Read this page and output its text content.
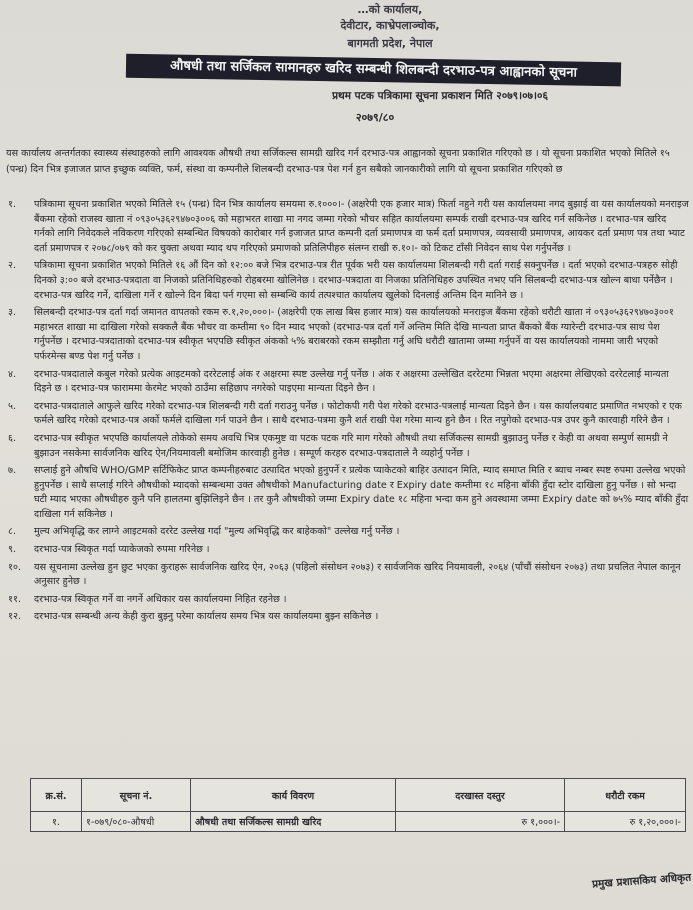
…को कार्यालय,
देवीटार, काभ्रेपलाञ्चोक,
बागमती प्रदेश, नेपाल
औषधी तथा सर्जिकल सामानहरु खरिद सम्बन्धी शिलबन्दी दरभाउ-पत्र आह्वानको सूचना
प्रथम पटक पत्रिकामा सूचना प्रकाशन मिति २०७९।०७।०६
२०७९/८०
यस कार्यालय अन्तर्गतका स्वास्थ्य संस्थाहरुको लागि आवश्यक औषधी तथा सर्जिकल्स सामग्री खरिद गर्न दरभाउ-पत्र आह्वानको सूचना प्रकाशित गरिएको छ । यो सूचना प्रकाशित भएको मितिले १५ (पन्ध्र) दिन भित्र इजाजत प्राप्त इच्छुक व्यक्ति, फर्म, संस्था वा कम्पनीले शिलबन्दी दरभाउ-पत्र पेश गर्न हुन सबैको जानकारीको लागि यो सूचना प्रकाशित गरिएको छ
१.	पत्रिकामा सूचना प्रकाशित भएको मितिले १५ (पन्ध्र) दिन भित्र कार्यालय समयमा रु.१०००।- (अक्षरेपी एक हजार मात्र) फिर्ता नहुने गरी यस कार्यालयमा नगद बुझाई वा यस कार्यालयको मनराइज बैंकमा रहेको राजस्व खाता नं ०९३०५३६२९४७०३००६ को महाभरत शाखा मा नगद जम्मा गरेको भौचर सहित कार्यालयमा सम्पर्क राखी दरभाउ-पत्र खरिद गर्न सकिनेछ । दरभाउ-पत्र खरिद गर्नको लागि निवेदकले नविकरण गरिएको सम्बन्धित विषयको कारोबार गर्न इजाजत प्राप्त कम्पनी दर्ता प्रमाणपत्र वा फर्म दर्ता प्रमाणपत्र, व्यवसायी प्रमाणपत्र, आयकर दर्ता प्रमाण पत्र तथा भ्याट दर्ता प्रमाणपत्र र २०७८/०७९ को कर चुक्ता अथवा म्याद थप गरिएको प्रमाणको प्रतिलिपीहरु संलग्न राखी रु.१०।- को टिकट टाँसी निवेदन साथ पेश गर्नुपर्नेछ ।
२.	पत्रिकामा सूचना प्रकाशित भएको मितिले १६ औं दिन को १२:०० बजे भित्र दरभाउ-पत्र रीत पूर्वक भरी यस कार्यालयमा शिलबन्दी गरी दर्ता गराई सक्नुपर्नेछ । दर्ता भएको दरभाउ-पत्रहरु सोही दिनको ३:०० बजे दरभाउ-पत्रदाता वा निजको प्रतिनिधिहरुको रोहबरमा खोलिनेछ । दरभाउ-पत्रदाता वा निजका प्रतिनिधिहरु उपस्थित नभए पनि सिलबन्दी दरभाउ-पत्र खोल्न बाधा पर्नेछैन । दरभाउ-पत्र खरिद गर्ने, दाखिला गर्ने र खोल्ने दिन बिदा पर्न गएमा सो सम्बन्धि कार्य तत्पश्चात कार्यालय खुलेको दिनलाई अन्तिम दिन मानिने छ ।
३.	सिलबन्दी दरभाउ-पत्र दर्ता गर्दा जमानत वापतको रकम रु.१,२०,०००।- (अक्षरेपी एक लाख बिस हजार मात्र) यस कार्यालयको मनराइज बैंकमा रहेको धरौटी खाता नं ०९३०५३६२९४७०३००१ महाभरत शाखा मा दाखिला गरेको सक्कलै बैंक भौचर वा कम्तीमा ९० दिन म्याद भएको (दरभाउ-पत्र दर्ता गर्ने अन्तिम मिति देखि मान्यता प्राप्त बैंकको बैंक ग्यारेन्टी दरभाउ-पत्र साथ पेश गर्नुपर्नेछ । दरभाउ-पत्रदाताको दरभाउ-पत्र स्वीकृत भएपछि स्वीकृत अंकको ५% बराबरको रकम सम्झौता गर्नु अघि धरौटी खातामा जम्मा गर्नुपर्ने वा यस कार्यालयको नाममा जारी भएको पर्फरमेन्स बण्ड पेश गर्नु पर्नेछ ।
४.	दरभाउ-पत्रदाताले कबुल गरेको प्रत्येक आइटमको दररेटलाई अंक र अक्षरमा स्पष्ट उल्लेख गर्नु पर्नेछ । अंक र अक्षरमा उल्लेखित दररेटमा भिन्नता भएमा अक्षरमा लेखिएको दररेटलाई मान्यता दिइने छ । दरभाउ-पत्र फाराममा केरमेट भएको ठाउँमा सहिछाप नगरेको पाइएमा मान्यता दिइने छैन ।
५.	दरभाउ-पत्रदाताले आफुले खरिद गरेको दरभाउ-पत्र शिलबन्दी गरी दर्ता गराउनु पर्नेछ । फोटोकपी गरी पेश गरेको दरभाउ-पत्रलाई मान्यता दिइने छैन । यस कार्यालयबाट प्रमाणित नभएको र एक फर्मले खरिद गरेको दरभाउ-पत्र अर्को फर्मले दाखिला गर्न पाउने छैन । साथै दरभाउ-पत्रमा कुनै शर्त राखी पेश गरेमा मान्य हुने छैन । रित नपुगेको दरभाउ-पत्र उपर कुनै कारवाही गरिने छैन ।
६.	दरभाउ-पत्र स्वीकृत भएपछि कार्यालयले तोकेको समय अवधि भित्र एकमुष्ट वा पटक पटक गरि माग गरेको औषधी तथा सर्जिकल्स सामग्री बुझाउनु पर्नेछ र केही वा अथवा सम्पुर्ण सामग्री ने बुझाउन नसकेमा सार्वजनिक खरिद ऐन/नियमावली बमोजिम कारवाही हुनेछ । सम्पूर्ण करहरु दरभाउ-पत्रदाताले नै व्यहोर्नु पर्नेछ ।
७.	सप्लाई हुने औषधि WHO/GMP सर्टिफिकेट प्राप्त कम्पनीहरुबाट उत्पादित भएको हुनुपर्ने र प्रत्येक प्याकेटको बाहिर उत्पादन मिति, म्याद समाप्त मिति र ब्याच नम्बर स्पष्ट रुपमा उल्लेख भएको हुनुपर्नेछ । साथै सप्लाई गरिने औषधीको म्यादको सम्बन्धमा उक्त औषधीको Manufacturing date र Expiry date कम्तीमा १८ महिना बाँकी हुँदा स्टोर दाखिला हुनु पर्नेछ । सो भन्दा घटी म्याद भएका औषधीहरु कुनै पनि हालतमा बुझिलिइने छैन । तर कुनै औषधीको जम्मा Expiry date १८ महिना भन्दा कम हुने अवस्थामा जम्मा Expiry date को ७५% म्याद बाँकी हुँदा दाखिला गर्न सकिनेछ ।
८.	मुल्य अभिवृद्धि कर लाग्ने आइटमको दररेट उल्लेख गर्दा "मुल्य अभिवृद्धि कर बाहेकको" उल्लेख गर्नु पर्नेछ ।
९.	दरभाउ-पत्र स्विकृत गर्दा प्याकेजको रुपमा गरिनेछ ।
१०.	यस सूचनामा उल्लेख हुन छुट भएका कुराहरू सार्वजनिक खरिद ऐन, २०६३ (पहिलो संसोधन २०७३) र सार्वजनिक खरिद नियमावली, २०६४ (पाँचौं संसोधन २०७३) तथा प्रचलित नेपाल कानून अनुसार हुनेछ ।
११.	दरभाउ-पत्र स्विकृत गर्ने वा नगर्ने अधिकार यस कार्यालयमा निहित रहनेछ ।
१२.	दरभाउ-पत्र सम्बन्धी अन्य केही कुरा बुझ्नु परेमा कार्यालय समय भित्र यस कार्यालयमा बुझ्न सकिनेछ ।
क्र.सं.	सूचना नं.	कार्य विवरण	दरखास्त दस्तुर	धरौटी रकम
१.	१-०७९/०८०-औषधी	औषधी तथा सर्जिकल्स सामग्री खरिद	रु १,०००।-	रु १,२०,०००।-
प्रमुख प्रशासकिय अधिकृत
